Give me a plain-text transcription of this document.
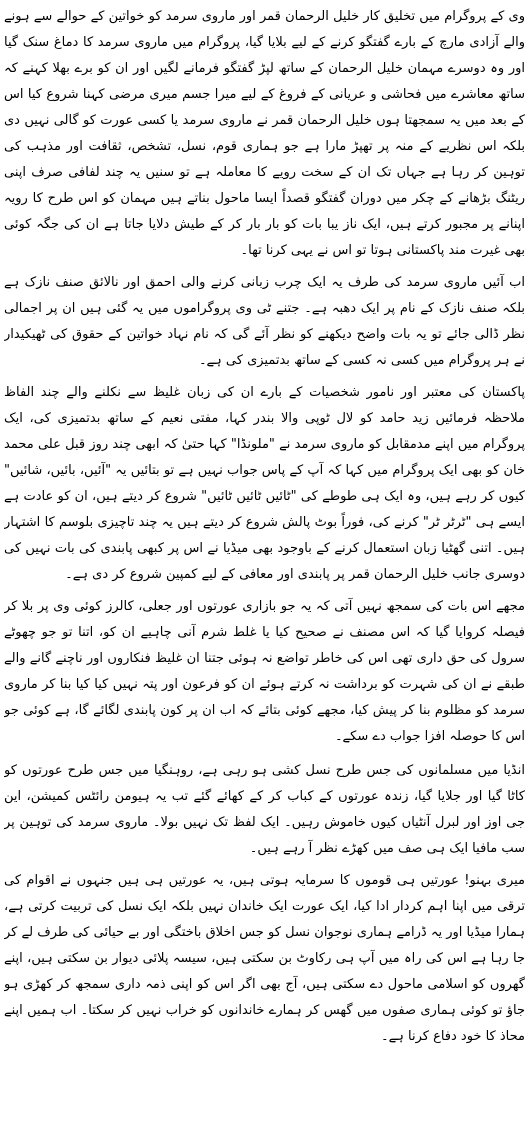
وی کے پروگرام میں تخلیق کار خلیل الرحمان قمر اور ماروی سرمد کو خواتین کے حوالے سے ہونے والے آزادی مارچ کے بارے گفتگو کرنے کے لیے بلایا گیا، پروگرام میں ماروی سرمد کا دماغ سنک گیا اور وہ دوسرے مہمان خلیل الرحمان کے ساتھ لپڑ گفتگو فرمانے لگیں اور ان کو برے بھلا کہنے کہ ساتھ معاشرے میں فحاشی و عریانی کے فروغ کے لیے میرا جسم میری مرضی کہنا شروع کیا اس کے بعد میں یہ سمجھتا ہوں خلیل الرحمان قمر نے ماروی سرمد یا کسی عورت کو گالی نہیں دی بلکہ اس نظریے کے منہ پر تھپڑ مارا ہے جو ہماری قوم، نسل، تشخص، ثقافت اور مذہب کی توہین کر رہا ہے جہاں تک ان کے سخت رویے کا معاملہ ہے تو سنیں یہ چند لفافی صرف اپنی ریٹنگ بڑھانے کے چکر میں دوران گفتگو قصداً ایسا ماحول بناتے ہیں مہمان کو اس طرح کا رویہ اپنانے پر مجبور کرتے ہیں، ایک ناز یبا بات کو بار بار کر کے طیش دلایا جاتا ہے ان کی جگہ کوئی بھی غیرت مند پاکستانی ہوتا تو اس نے یہی کرنا تھا۔

اب آئیں ماروی سرمد کی طرف یہ ایک چرب زبانی کرنے والی احمق اور نالائق صنف نازک ہے بلکہ صنف نازک کے نام پر ایک دھبہ ہے۔ جتنے ٹی وی پروگراموں میں یہ گئی ہیں ان پر اجمالی نظر ڈالی جائے تو یہ بات واضح دیکھنے کو نظر آئے گی کہ نام نہاد خواتین کے حقوق کی ٹھیکیدار نے ہر پروگرام میں کسی نہ کسی کے ساتھ بدتمیزی کی ہے۔

پاکستان کی معتبر اور نامور شخصیات کے بارے ان کی زبان غلیظ سے نکلنے والے چند الفاظ ملاحظہ فرمائیں زید حامد کو لال ٹوپی والا بندر کہا، مفتی نعیم کے ساتھ بدتمیزی کی، ایک پروگرام میں اپنے مدمقابل کو ماروی سرمد نے "ملونڈا" کہا حتیٰ کہ ابھی چند روز قبل علی محمد خان کو بھی ایک پروگرام میں کہا کہ آپ کے پاس جواب نہیں ہے تو بتائیں یہ "آئیں، بائیں، شائیں" کیوں کر رہے ہیں، وہ ایک ہی طوطے کی "ٹائیں ٹائیں ٹائیں" شروع کر دیتے ہیں، ان کو عادت ہے ایسے ہی "ٹرٹر ٹر" کرنے کی، فوراً بوٹ پالش شروع کر دیتے ہیں یہ چند تاچیزی بلوسم کا اشتہار ہیں۔ اتنی گھٹیا زبان استعمال کرنے کے باوجود بھی میڈیا نے اس پر کبھی پابندی کی بات نہیں کی دوسری جانب خلیل الرحمان قمر پر پابندی اور معافی کے لیے کمپین شروع کر دی ہے۔

مجھے اس بات کی سمجھ نہیں آتی کہ یہ جو بازاری عورتوں اور جعلی، کالرز کوئی وی پر بلا کر فیصلہ کروایا گیا کہ اس مصنف نے صحیح کیا یا غلط شرم آنی چاہیے ان کو، اتنا تو جو چھوٹے سرول کی حق داری تھی اس کی خاطر تواضع نہ ہوئی جتنا ان غلیظ فنکاروں اور ناچنے گانے والے طبقے نے ان کی شہرت کو برداشت نہ کرتے ہوئے ان کو فرعون اور پتہ نہیں کیا کیا بنا کر ماروی سرمد کو مظلوم بنا کر پیش کیا، مجھے کوئی بتائے کہ اب ان پر کون پابندی لگائے گا، ہے کوئی جو اس کا حوصلہ افزا جواب دے سکے۔

انڈیا میں مسلمانوں کی جس طرح نسل کشی ہو رہی ہے، روہنگیا میں جس طرح عورتوں کو کاٹا گیا اور جلایا گیا، زندہ عورتوں کے کباب کر کے کھائے گئے تب یہ ہیومن رائٹس کمیشن، این جی اوز اور لبرل آنٹیاں کیوں خاموش رہیں۔ ایک لفظ تک نہیں بولا۔ ماروی سرمد کی توہین پر سب مافیا ایک ہی صف میں کھڑے نظر آ رہے ہیں۔

میری بہنو! عورتیں ہی قوموں کا سرمایہ ہوتی ہیں، یہ عورتیں ہی ہیں جنہوں نے اقوام کی ترقی میں اپنا اہم کردار ادا کیا، ایک عورت ایک خاندان نہیں بلکہ ایک نسل کی تربیت کرتی ہے، ہمارا میڈیا اور یہ ڈرامے ہماری نوجوان نسل کو جس اخلاق باختگی اور بے حیائی کی طرف لے کر جا رہا ہے اس کی راہ میں آپ ہی رکاوٹ بن سکتی ہیں، سیسہ پلائی دیوار بن سکتی ہیں، اپنے گھروں کو اسلامی ماحول دے سکتی ہیں، آج بھی اگر اس کو اپنی ذمہ داری سمجھ کر کھڑی ہو جاؤ تو کوئی ہماری صفوں میں گھس کر ہمارے خاندانوں کو خراب نہیں کر سکتا۔ اب ہمیں اپنے محاذ کا خود دفاع کرنا ہے۔
